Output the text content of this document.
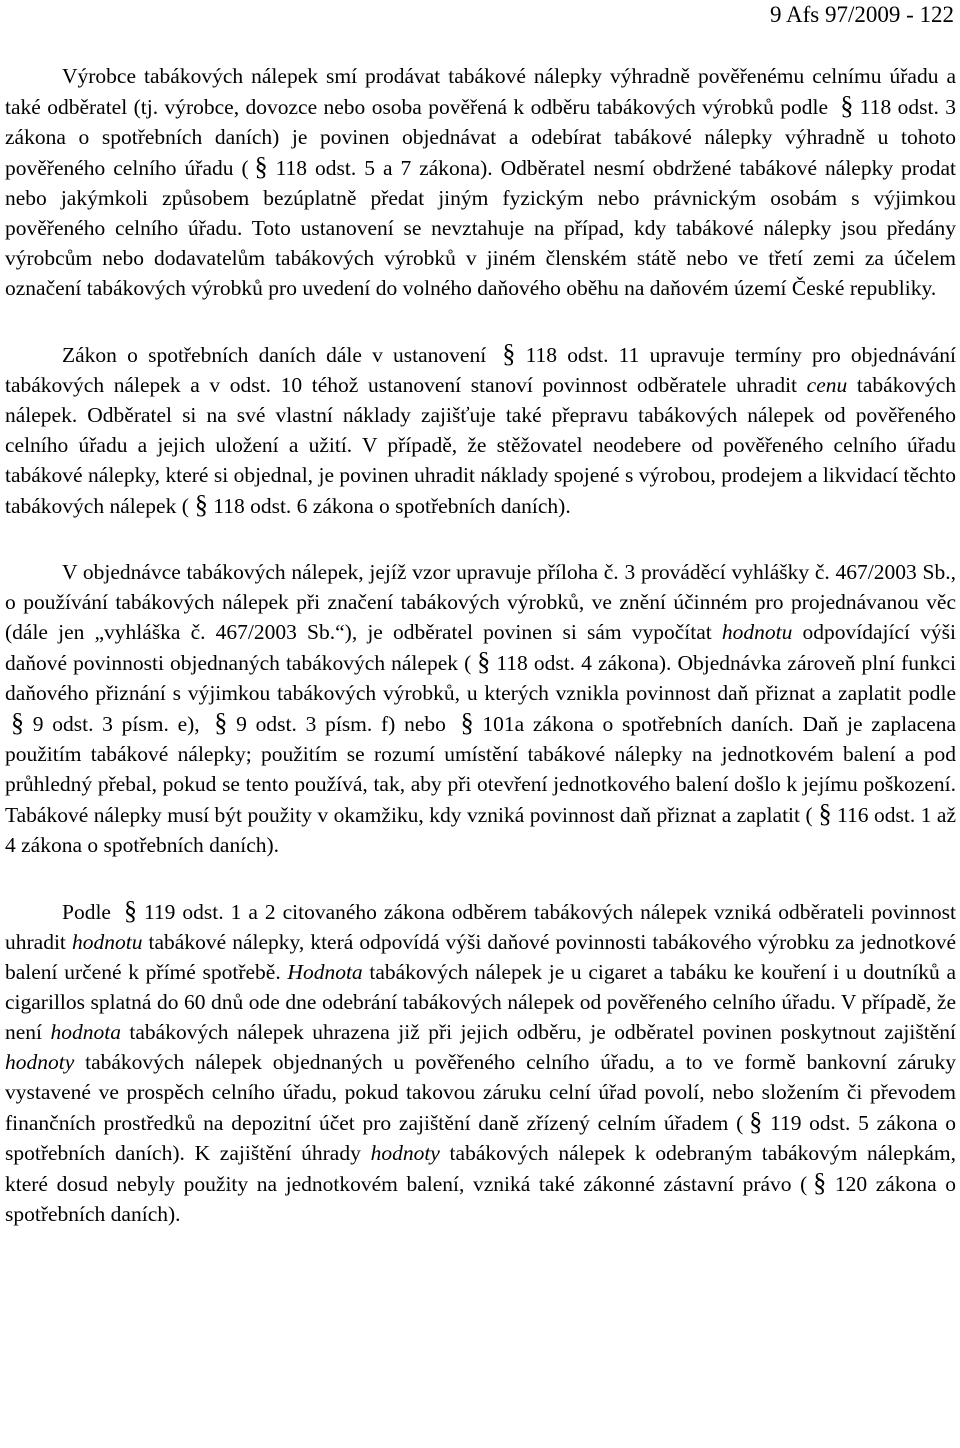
9 Afs 97/2009 - 122

Výrobce tabákových nálepek smí prodávat tabákové nálepky výhradně pověřenému celnímu úřadu a také odběratel (tj. výrobce, dovozce nebo osoba pověřená k odběru tabákových výrobků podle § 118 odst. 3 zákona o spotřebních daních) je povinen objednávat a odebírat tabákové nálepky výhradně u tohoto pověřeného celního úřadu ( § 118 odst. 5 a 7 zákona). Odběratel nesmí obdržené tabákové nálepky prodat nebo jakýmkoli způsobem bezúplatně předat jiným fyzickým nebo právnickým osobám s výjimkou pověřeného celního úřadu. Toto ustanovení se nevztahuje na případ, kdy tabákové nálepky jsou předány výrobcům nebo dodavatelům tabákových výrobků v jiném členském státě nebo ve třetí zemi za účelem označení tabákových výrobků pro uvedení do volného daňového oběhu na daňovém území České republiky.

Zákon o spotřebních daních dále v ustanovení § 118 odst. 11 upravuje termíny pro objednávání tabákových nálepek a v odst. 10 téhož ustanovení stanoví povinnost odběratele uhradit cenu tabákových nálepek. Odběratel si na své vlastní náklady zajišťuje také přepravu tabákových nálepek od pověřeného celního úřadu a jejich uložení a užití. V případě, že stěžovatel neodebere od pověřeného celního úřadu tabákové nálepky, které si objednal, je povinen uhradit náklady spojené s výrobou, prodejem a likvidací těchto tabákových nálepek ( § 118 odst. 6 zákona o spotřebních daních).

V objednávce tabákových nálepek, jejíž vzor upravuje příloha č. 3 prováděcí vyhlášky č. 467/2003 Sb., o používání tabákových nálepek při značení tabákových výrobků, ve znění účinném pro projednávanou věc (dále jen „vyhláška č. 467/2003 Sb.“), je odběratel povinen si sám vypočítat hodnotu odpovídající výši daňové povinnosti objednaných tabákových nálepek ( § 118 odst. 4 zákona). Objednávka zároveň plní funkci daňového přiznání s výjimkou tabákových výrobků, u kterých vznikla povinnost daň přiznat a zaplatit podle § 9 odst. 3 písm. e), § 9 odst. 3 písm. f) nebo § 101a zákona o spotřebních daních. Daň je zaplacena použitím tabákové nálepky; použitím se rozumí umístění tabákové nálepky na jednotkovém balení a pod průhledný přebal, pokud se tento používá, tak, aby při otevření jednotkového balení došlo k jejímu poškození. Tabákové nálepky musí být použity v okamžiku, kdy vzniká povinnost daň přiznat a zaplatit ( § 116 odst. 1 až 4 zákona o spotřebních daních).

Podle § 119 odst. 1 a 2 citovaného zákona odběrem tabákových nálepek vzniká odběrateli povinnost uhradit hodnotu tabákové nálepky, která odpovídá výši daňové povinnosti tabákového výrobku za jednotkové balení určené k přímé spotřebě. Hodnota tabákových nálepek je u cigaret a tabáku ke kouření i u doutníků a cigarillos splatná do 60 dnů ode dne odebrání tabákových nálepek od pověřeného celního úřadu. V případě, že není hodnota tabákových nálepek uhrazena již při jejich odběru, je odběratel povinen poskytnout zajištění hodnoty tabákových nálepek objednaných u pověřeného celního úřadu, a to ve formě bankovní záruky vystavené ve prospěch celního úřadu, pokud takovou záruku celní úřad povolí, nebo složením či převodem finančních prostředků na depozitní účet pro zajištění daně zřízený celním úřadem ( § 119 odst. 5 zákona o spotřebních daních). K zajištění úhrady hodnoty tabákových nálepek k odebraným tabákovým nálepkám, které dosud nebyly použity na jednotkovém balení, vzniká také zákonné zástavní právo ( § 120 zákona o spotřebních daních).
